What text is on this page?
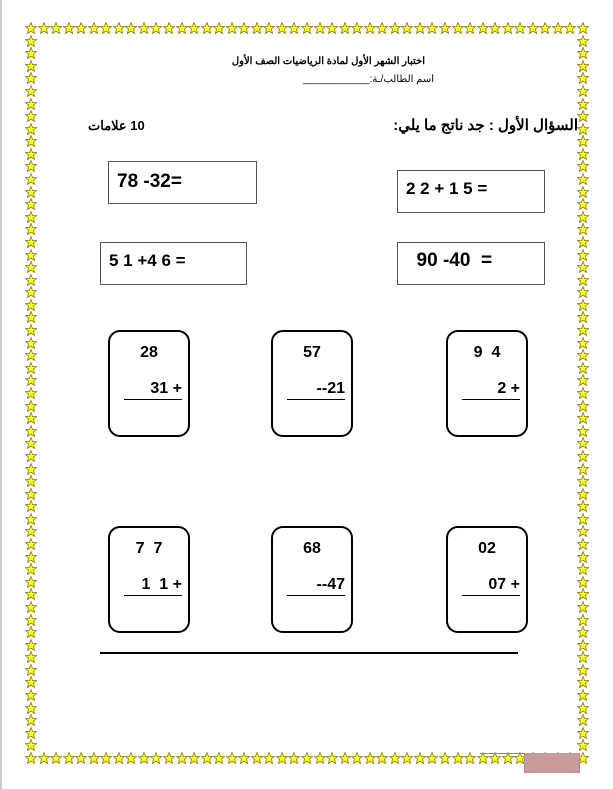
اختبار الشهر الأول لمادة الرياضيات الصف الأول
اسم الطالب/ـة:____________
السؤال الأول : جد ناتج ما يلي:
10 علامات
78 -32=	2 2 + 1 5 =
5 1 +4 6 =	90 -40  =
28
31 +
57
--21
9  4
2 +
7  7
1  1 +
68
--47
02
07 +
